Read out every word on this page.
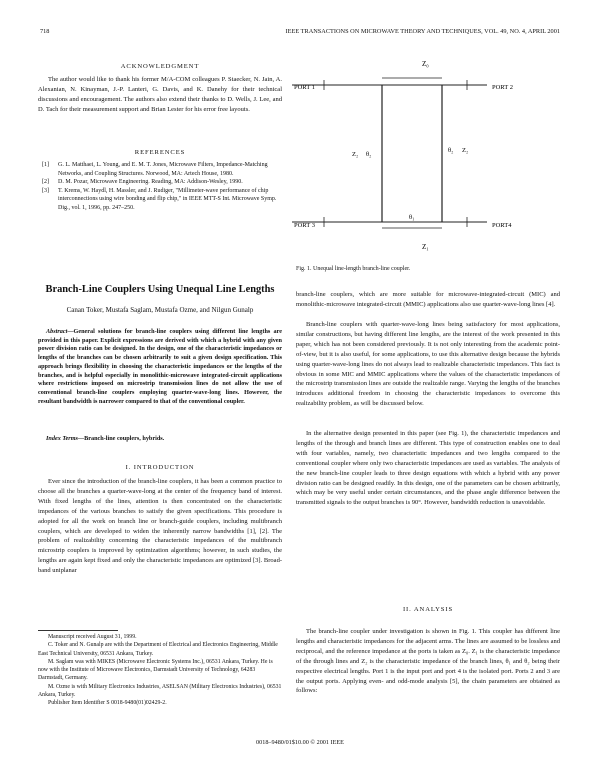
718	IEEE TRANSACTIONS ON MICROWAVE THEORY AND TECHNIQUES, VOL. 49, NO. 4, APRIL 2001
ACKNOWLEDGMENT
The author would like to thank his former M/A-COM colleagues P. Staecker, N. Jain, A. Alexanian, N. Kinayman, J.-P. Lanteri, G. Davis, and K. Danehy for their technical discussions and encouragement. The authors also extend their thanks to D. Wells, J. Lee, and D. Tach for their measurement support and Brian Lester for his error free layouts.
REFERENCES
[1]	G. L. Matthaei, L. Young, and E. M. T. Jones, Microwave Filters, Impedance-Matching Networks, and Coupling Structures. Norwood, MA: Artech House, 1980.
[2]	D. M. Pozar, Microwave Engineering. Reading, MA: Addison-Wesley, 1990.
[3]	T. Krems, W. Haydl, H. Massler, and J. Rudiger, "Millimeter-wave performance of chip interconnections using wire bonding and flip chip," in IEEE MTT-S Int. Microwave Symp. Dig., vol. 1, 1996, pp. 247–250.
PORT 1	PORT 2
PORT 3	PORT4
Z₀
Z₁
θ₁
Z₂ θ₂
θ₂ Z₂
Fig. 1. Unequal line-length branch-line coupler.
Branch-Line Couplers Using Unequal Line Lengths
Canan Toker, Mustafa Saglam, Mustafa Ozme, and Nilgun Gunalp
Abstract—General solutions for branch-line couplers using different line lengths are provided in this paper. Explicit expressions are derived with which a hybrid with any given power division ratio can be designed. In the design, one of the characteristic impedances or lengths of the branches can be chosen arbitrarily to suit a given design specification. This approach brings flexibility in choosing the characteristic impedances or the lengths of the branches, and is helpful especially in monolithic-microwave integrated-circuit applications where restrictions imposed on microstrip transmission lines do not allow the use of conventional branch-line couplers employing quarter-wave-long lines. However, the resultant bandwidth is narrower compared to that of the conventional coupler.
Index Terms—Branch-line couplers, hybrids.
I. INTRODUCTION
Ever since the introduction of the branch-line couplers, it has been a common practice to choose all the branches a quarter-wave-long at the center of the frequency band of interest. With fixed lengths of the lines, attention is then concentrated on the characteristic impedances of the various branches to satisfy the given specifications. This procedure is adopted for all the work on branch line or branch-guide couplers, including multibranch couplers, which are developed to widen the inherently narrow bandwidths [1], [2]. The problem of realizability concerning the characteristic impedances of the multibranch microstrip couplers is improved by optimization algorithms; however, in such studies, the lengths are again kept fixed and only the characteristic impedances are optimized [3]. Broad-band uniplanar
Manuscript received August 31, 1999.
C. Toker and N. Gunalp are with the Department of Electrical and Electronics Engineering, Middle East Technical University, 06531 Ankara, Turkey.
M. Saglam was with MIKES (Microwave Electronic Systems Inc.), 06531 Ankara, Turkey. He is now with the Institute of Microwave Electronics, Darmstadt University of Technology, 64283 Darmstadt, Germany.
M. Ozme is with Military Electronics Industries, ASELSAN (Military Electronics Industries), 06531 Ankara, Turkey.
Publisher Item Identifier S 0018-9480(01)02429-2.
branch-line couplers, which are more suitable for microwave-integrated-circuit (MIC) and monolithic-microwave integrated-circuit (MMIC) applications also use quarter-wave-long lines [4].
Branch-line couplers with quarter-wave-long lines being satisfactory for most applications, similar constructions, but having different line lengths, are the interest of the work presented in this paper, which has not been considered previously. It is not only interesting from the academic point-of-view, but it is also useful, for some applications, to use this alternative design because the hybrids using quarter-wave-long lines do not always lead to realizable characteristic impedances. This fact is obvious in some MIC and MMIC applications where the values of the characteristic impedances of the microstrip transmission lines are outside the realizable range. Varying the lengths of the branches introduces additional freedom in choosing the characteristic impedances to overcome this realizability problem, as will be discussed below.
In the alternative design presented in this paper (see Fig. 1), the characteristic impedances and lengths of the through and branch lines are different. This type of construction enables one to deal with four variables, namely, two characteristic impedances and two lengths compared to the conventional coupler where only two characteristic impedances are used as variables. The analysis of the new branch-line coupler leads to three design equations with which a hybrid with any power division ratio can be designed readily. In this design, one of the parameters can be chosen arbitrarily, which may be very useful under certain circumstances, and the phase angle difference between the transmitted signals to the output branches is 90°. However, bandwidth reduction is unavoidable.
II. ANALYSIS
The branch-line coupler under investigation is shown in Fig. 1. This coupler has different line lengths and characteristic impedances for the adjacent arms. The lines are assumed to be lossless and reciprocal, and the reference impedance at the ports is taken as Z₀. Z₁ is the characteristic impedance of the through lines and Z₂ is the characteristic impedance of the branch lines, θ₁ and θ₂ being their respective electrical lengths. Port 1 is the input port and port 4 is the isolated port. Ports 2 and 3 are the output ports. Applying even- and odd-mode analysis [5], the chain parameters are obtained as follows:
0018–9480/01$10.00 © 2001 IEEE
